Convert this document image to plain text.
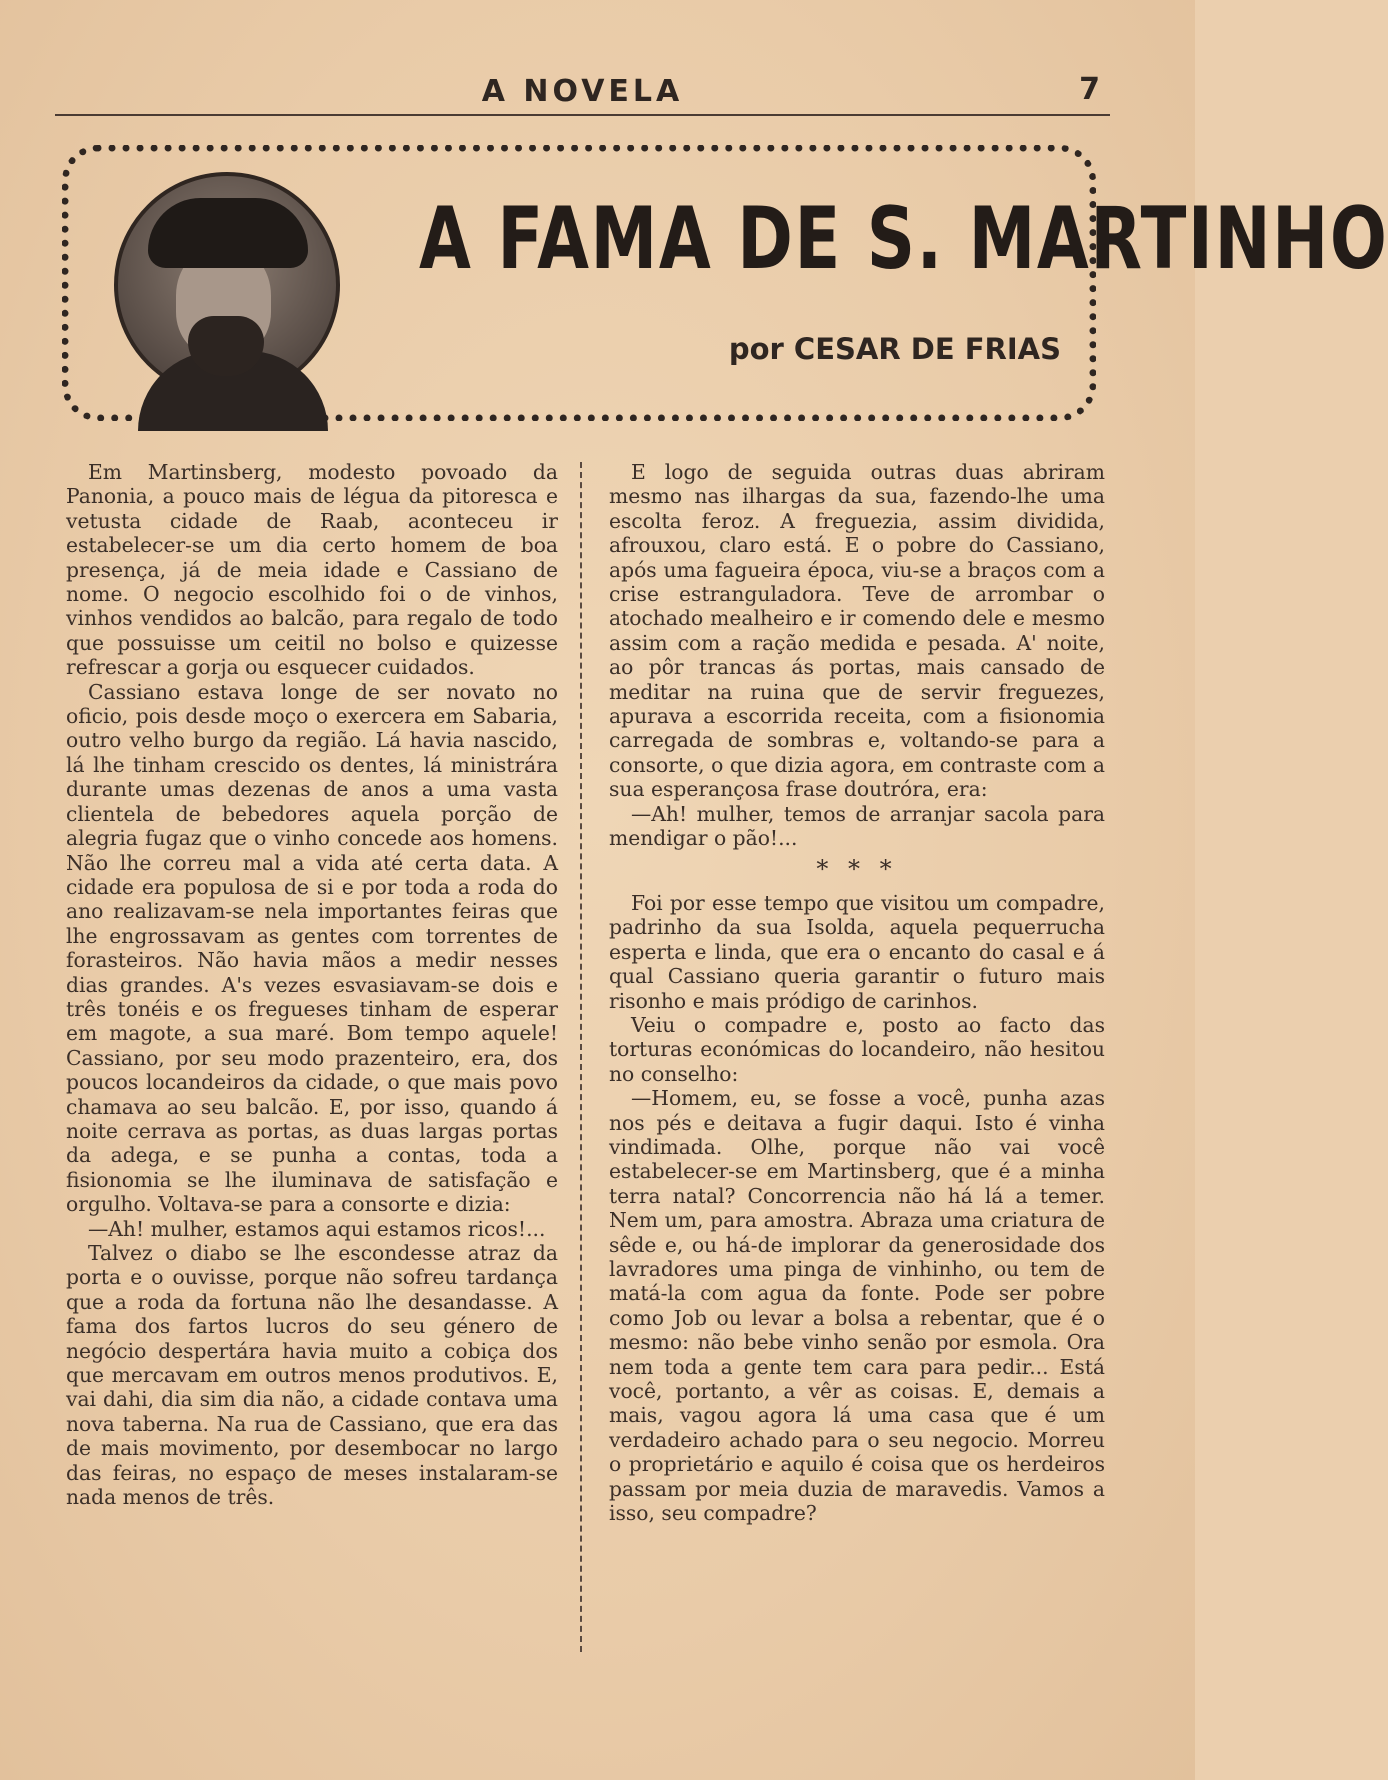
A NOVELA	7
A FAMA DE S. MARTINHO
por CESAR DE FRIAS

Em Martinsberg, modesto povoado da Panonia, a pouco mais de légua da pitoresca e vetusta cidade de Raab, aconteceu ir estabelecer-se um dia certo homem de boa presença, já de meia idade e Cassiano de nome. O negocio escolhido foi o de vinhos, vinhos vendidos ao balcão, para regalo de todo que possuisse um ceitil no bolso e quizesse refrescar a gorja ou esquecer cuidados.

Cassiano estava longe de ser novato no oficio, pois desde moço o exercera em Sabaria, outro velho burgo da região. Lá havia nascido, lá lhe tinham crescido os dentes, lá ministrára durante umas dezenas de anos a uma vasta clientela de bebedores aquela porção de alegria fugaz que o vinho concede aos homens. Não lhe correu mal a vida até certa data. A cidade era populosa de si e por toda a roda do ano realizavam-se nela importantes feiras que lhe engrossavam as gentes com torrentes de forasteiros. Não havia mãos a medir nesses dias grandes. A's vezes esvasiavam-se dois e três tonéis e os fregueses tinham de esperar em magote, a sua maré. Bom tempo aquele! Cassiano, por seu modo prazenteiro, era, dos poucos locandeiros da cidade, o que mais povo chamava ao seu balcão. E, por isso, quando á noite cerrava as portas, as duas largas portas da adega, e se punha a contas, toda a fisionomia se lhe iluminava de satisfação e orgulho. Voltava-se para a consorte e dizia:

—Ah! mulher, estamos aqui estamos ricos!...

Talvez o diabo se lhe escondesse atraz da porta e o ouvisse, porque não sofreu tardança que a roda da fortuna não lhe desandasse. A fama dos fartos lucros do seu género de negócio despertára havia muito a cobiça dos que mercavam em outros menos produtivos. E, vai dahi, dia sim dia não, a cidade contava uma nova taberna. Na rua de Cassiano, que era das de mais movimento, por desembocar no largo das feiras, no espaço de meses instalaram-se nada menos de três.

E logo de seguida outras duas abriram mesmo nas ilhargas da sua, fazendo-lhe uma escolta feroz. A freguezia, assim dividida, afrouxou, claro está. E o pobre do Cassiano, após uma fagueira época, viu-se a braços com a crise estranguladora. Teve de arrombar o atochado mealheiro e ir comendo dele e mesmo assim com a ração medida e pesada. A' noite, ao pôr trancas ás portas, mais cansado de meditar na ruina que de servir freguezes, apurava a escorrida receita, com a fisionomia carregada de sombras e, voltando-se para a consorte, o que dizia agora, em contraste com a sua esperançosa frase doutróra, era:

—Ah! mulher, temos de arranjar sacola para mendigar o pão!...

* * *

Foi por esse tempo que visitou um compadre, padrinho da sua Isolda, aquela pequerrucha esperta e linda, que era o encanto do casal e á qual Cassiano queria garantir o futuro mais risonho e mais pródigo de carinhos.

Veiu o compadre e, posto ao facto das torturas económicas do locandeiro, não hesitou no conselho:

—Homem, eu, se fosse a você, punha azas nos pés e deitava a fugir daqui. Isto é vinha vindimada. Olhe, porque não vai você estabelecer-se em Martinsberg, que é a minha terra natal? Concorrencia não há lá a temer. Nem um, para amostra. Abraza uma criatura de sêde e, ou há-de implorar da generosidade dos lavradores uma pinga de vinhinho, ou tem de matá-la com agua da fonte. Pode ser pobre como Job ou levar a bolsa a rebentar, que é o mesmo: não bebe vinho senão por esmola. Ora nem toda a gente tem cara para pedir... Está você, portanto, a vêr as coisas. E, demais a mais, vagou agora lá uma casa que é um verdadeiro achado para o seu negocio. Morreu o proprietário e aquilo é coisa que os herdeiros passam por meia duzia de maravedis. Vamos a isso, seu compadre?
